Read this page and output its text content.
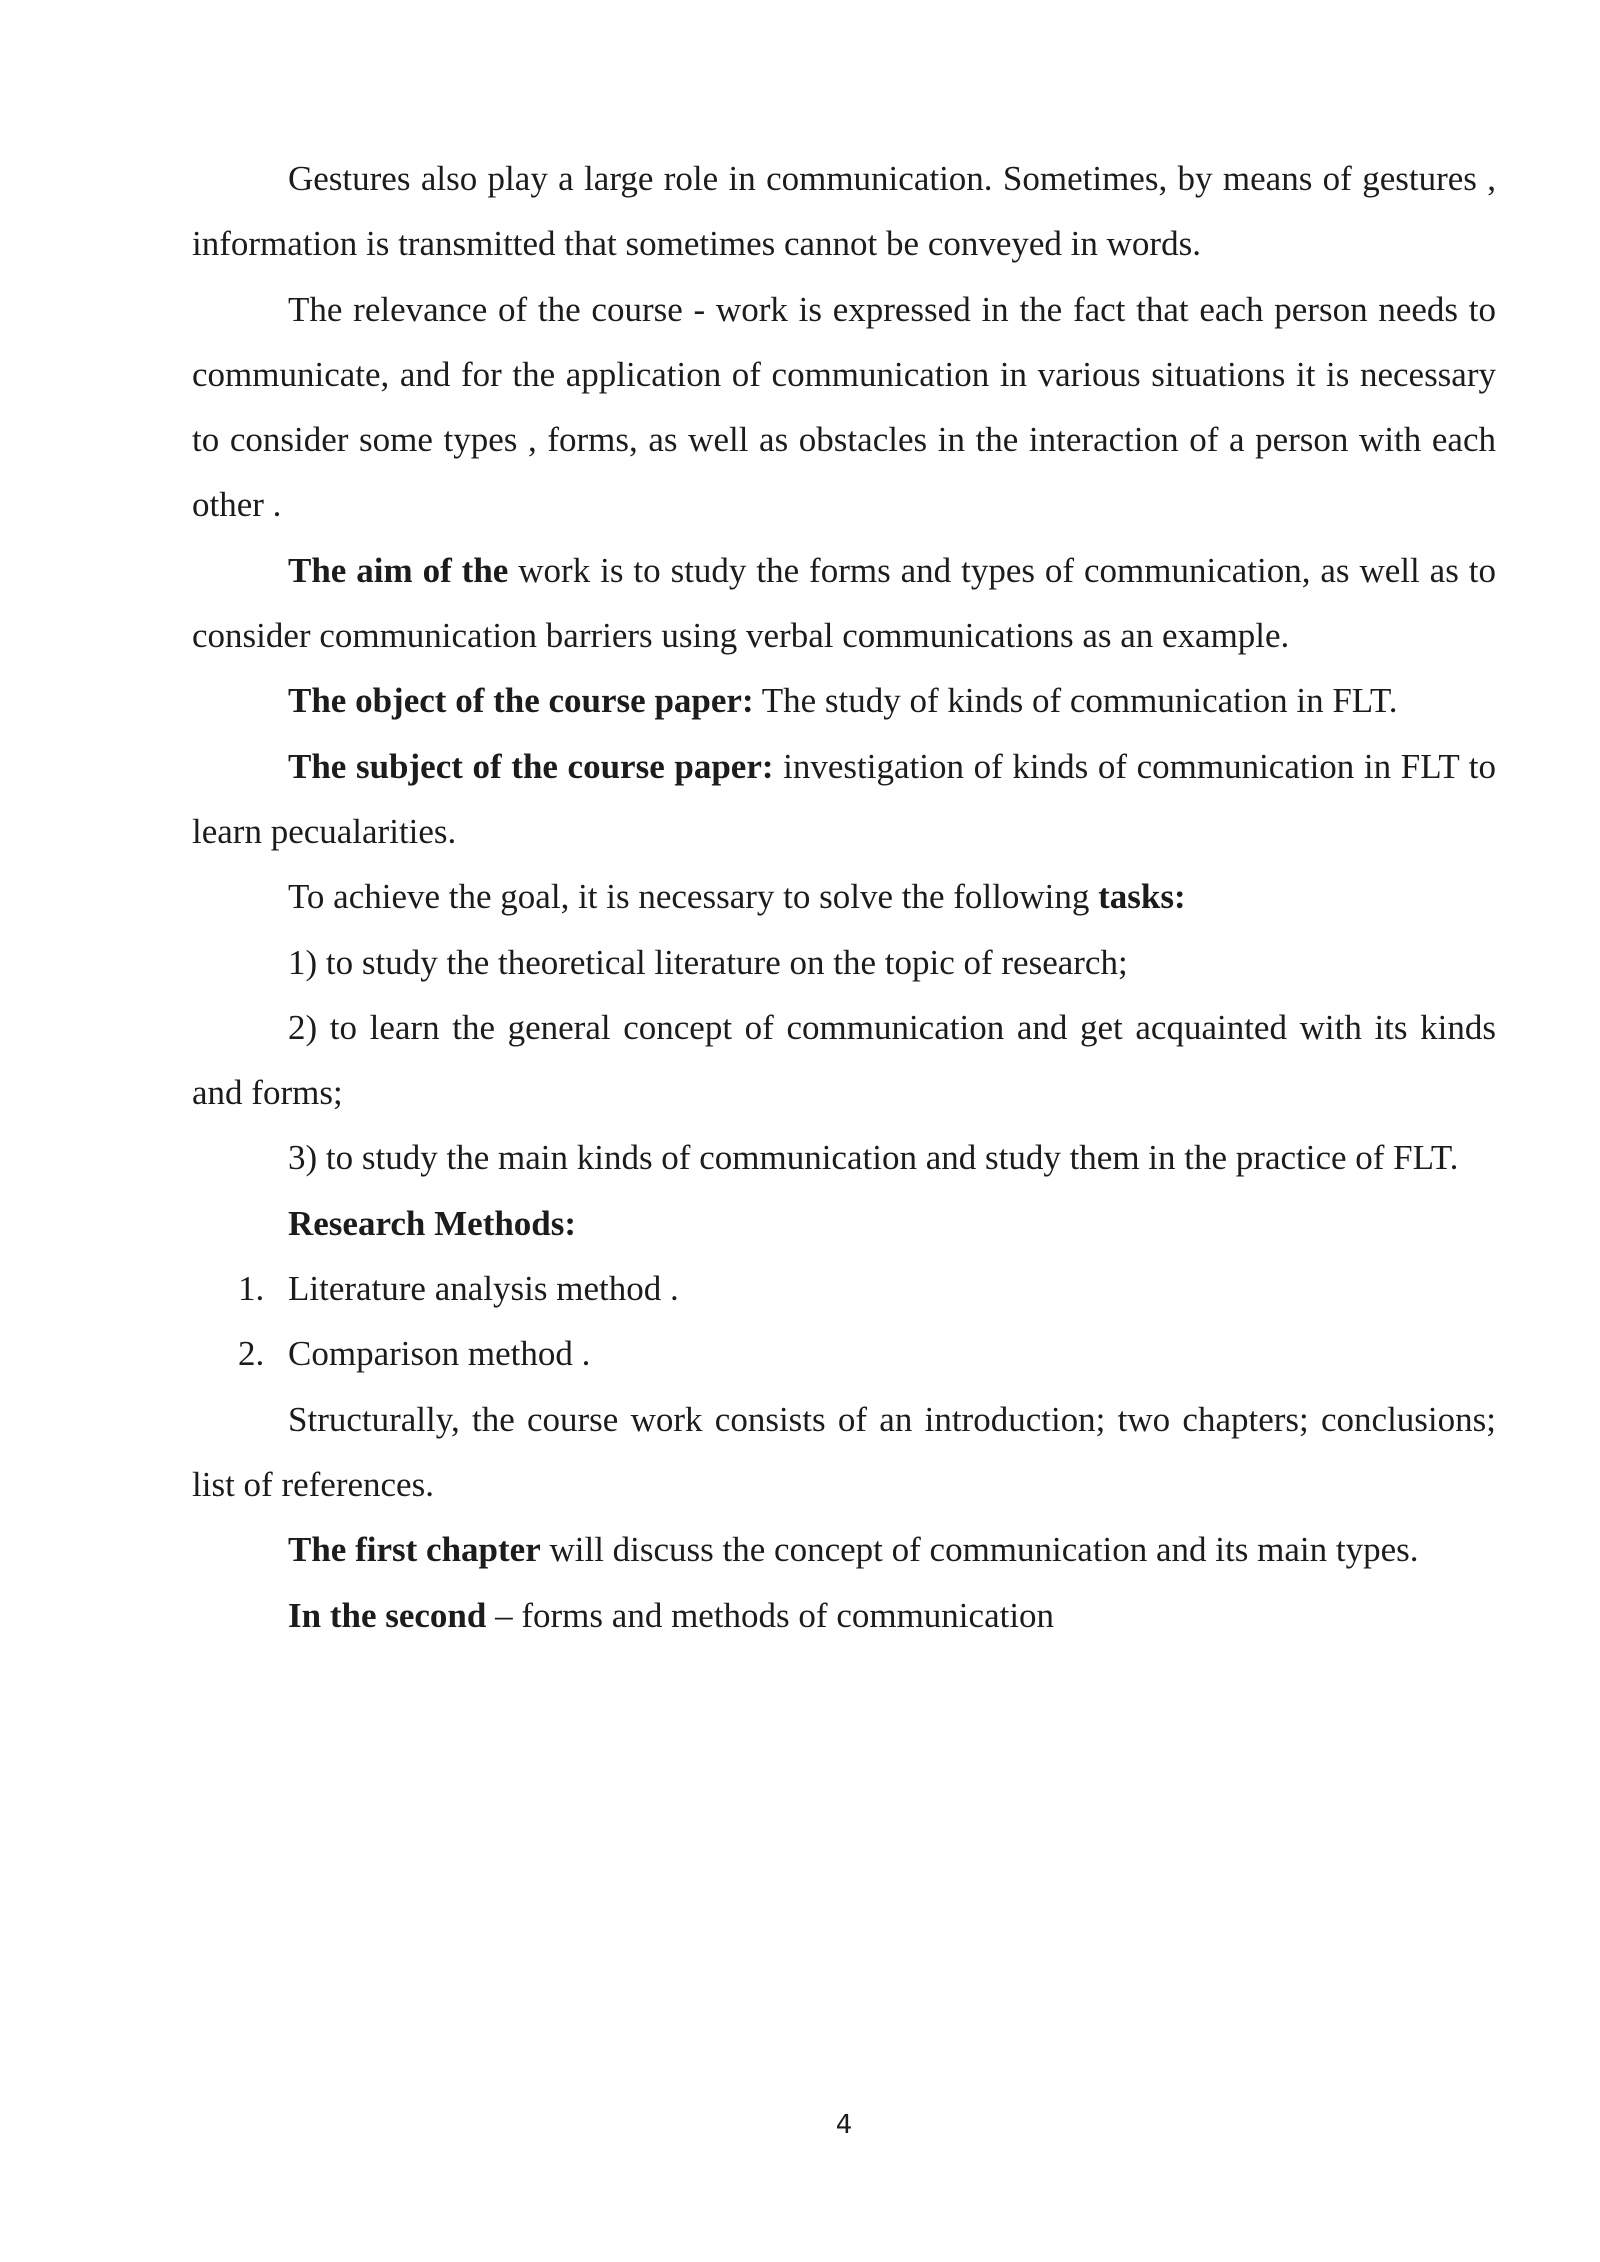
Gestures also play a large role in communication. Sometimes, by means of gestures , information is transmitted that sometimes cannot be conveyed in words.

The relevance of the course - work is expressed in the fact that each person needs to communicate, and for the application of communication in various situations it is necessary to consider some types , forms, as well as obstacles in the interaction of a person with each other .

The aim of the work is to study the forms and types of communication, as well as to consider communication barriers using verbal communications as an example.

The object of the course paper: The study of kinds of communication in FLT.

The subject of the course paper: investigation of kinds of communication in FLT to learn pecualarities.

To achieve the goal, it is necessary to solve the following tasks:

1) to study the theoretical literature on the topic of research;

2) to learn the general concept of communication and get acquainted with its kinds and forms;

3) to study the main kinds of communication and study them in the practice of FLT.

Research Methods:

1. Literature analysis method .
2. Comparison method .

Structurally, the course work consists of an introduction; two chapters; conclusions; list of references.

The first chapter will discuss the concept of communication and its main types.

In the second – forms and methods of communication

4
